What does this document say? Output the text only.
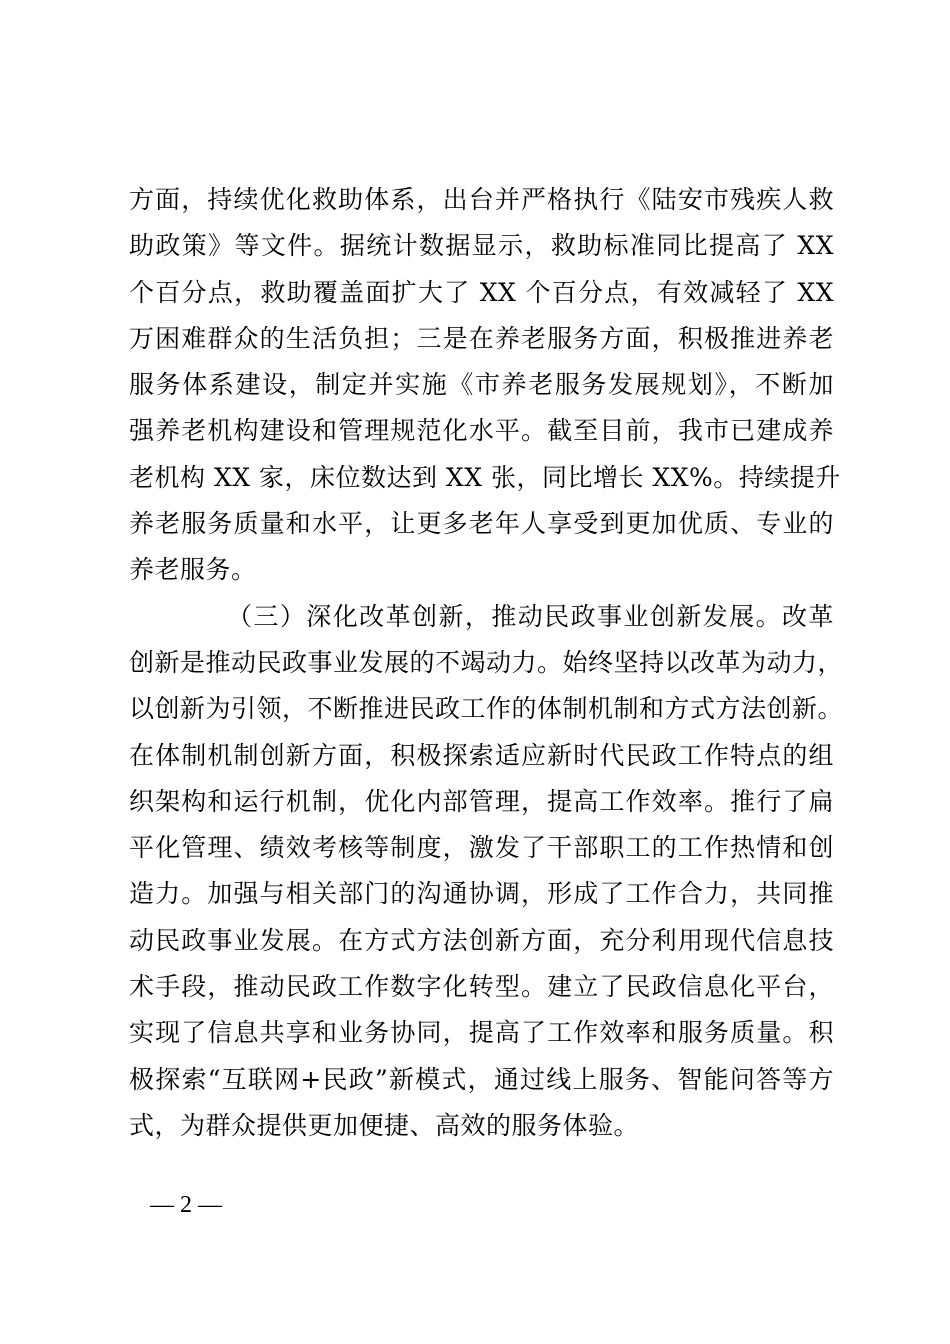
方面，持续优化救助体系，出台并严格执行《陆安市残疾人救
助政策》等文件。据统计数据显示，救助标准同比提高了 XX
个百分点，救助覆盖面扩大了 XX 个百分点，有效减轻了 XX
万困难群众的生活负担；三是在养老服务方面，积极推进养老
服务体系建设，制定并实施《市养老服务发展规划》，不断加
强养老机构建设和管理规范化水平。截至目前，我市已建成养
老机构 XX 家，床位数达到 XX 张，同比增长 XX%。持续提升
养老服务质量和水平，让更多老年人享受到更加优质、专业的
养老服务。
（三）深化改革创新，推动民政事业创新发展。改革
创新是推动民政事业发展的不竭动力。始终坚持以改革为动力，
以创新为引领，不断推进民政工作的体制机制和方式方法创新。
在体制机制创新方面，积极探索适应新时代民政工作特点的组
织架构和运行机制，优化内部管理，提高工作效率。推行了扁
平化管理、绩效考核等制度，激发了干部职工的工作热情和创
造力。加强与相关部门的沟通协调，形成了工作合力，共同推
动民政事业发展。在方式方法创新方面，充分利用现代信息技
术手段，推动民政工作数字化转型。建立了民政信息化平台，
实现了信息共享和业务协同，提高了工作效率和服务质量。积
极探索“互联网+民政”新模式，通过线上服务、智能问答等方
式，为群众提供更加便捷、高效的服务体验。
— 2 —
